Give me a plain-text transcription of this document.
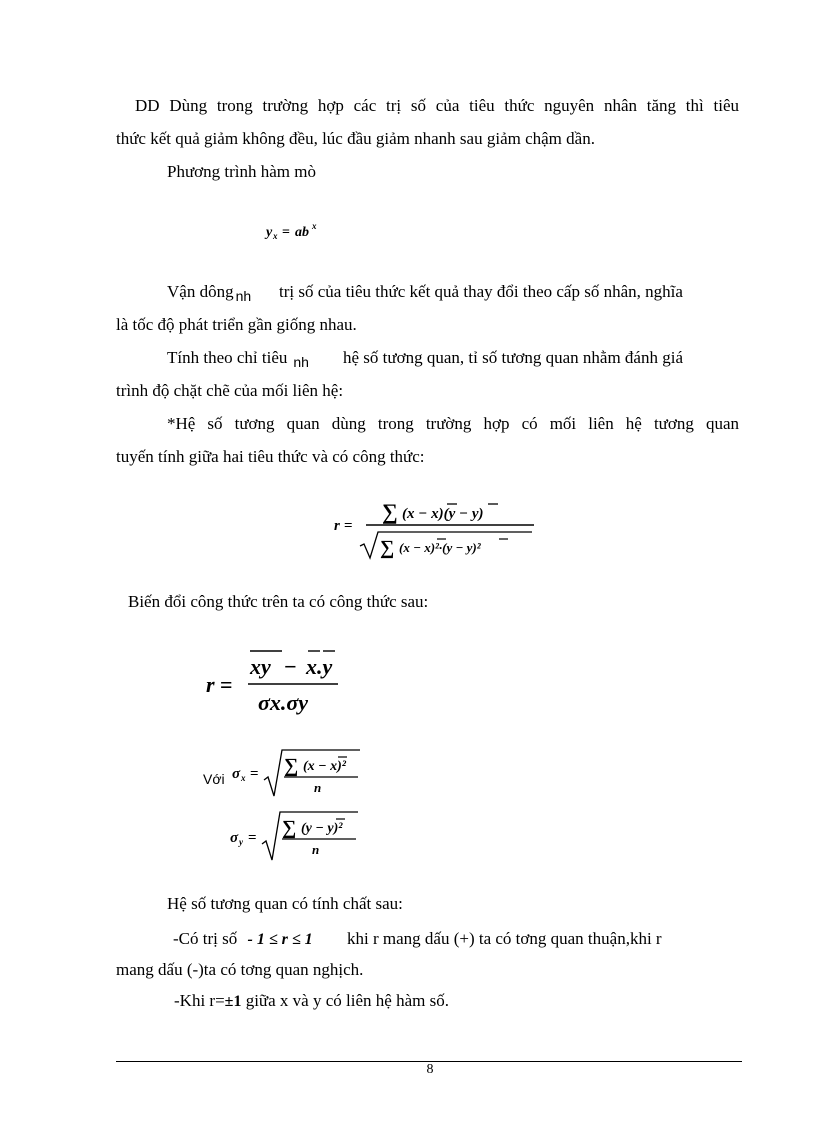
DD Dùng trong trường hợp các trị số của tiêu thức nguyên nhân tăng thì tiêu
thức kết quả giảm không đều, lúc đầu giảm nhanh sau giảm chậm dần.
Phương trình hàm mò
y x = ab x
Vận dông $_{nh}$ trị số của tiêu thức kết quả thay đổi theo cấp số nhân, nghĩa
là tốc độ phát triển gần giống nhau.
Tính theo chỉ tiêu $_{nh}$ hệ số tương quan, tỉ số tương quan nhằm đánh giá
trình độ chặt chẽ của mối liên hệ:
*Hệ số tương quan dùng trong trường hợp có mối liên hệ tương quan
tuyến tính giữa hai tiêu thức và có công thức:
r =
∑ (x − x)(y − y)
∑ (x − x)²·(y − y)²
Biến đổi công thức trên ta có công thức sau:
r =
xy − x.y
σx.σy
Với σ x = ∑ (x − x)²
n
σ y = ∑ (y − y)²
n
Hệ số tương quan có tính chất sau:
-Có trị số - 1 ≤ r ≤ 1 khi r mang dấu (+) ta có tơng quan thuận,khi r
mang dấu (-)ta có tơng quan nghịch.
-Khi r=±1 giữa x và y có liên hệ hàm số.
8
